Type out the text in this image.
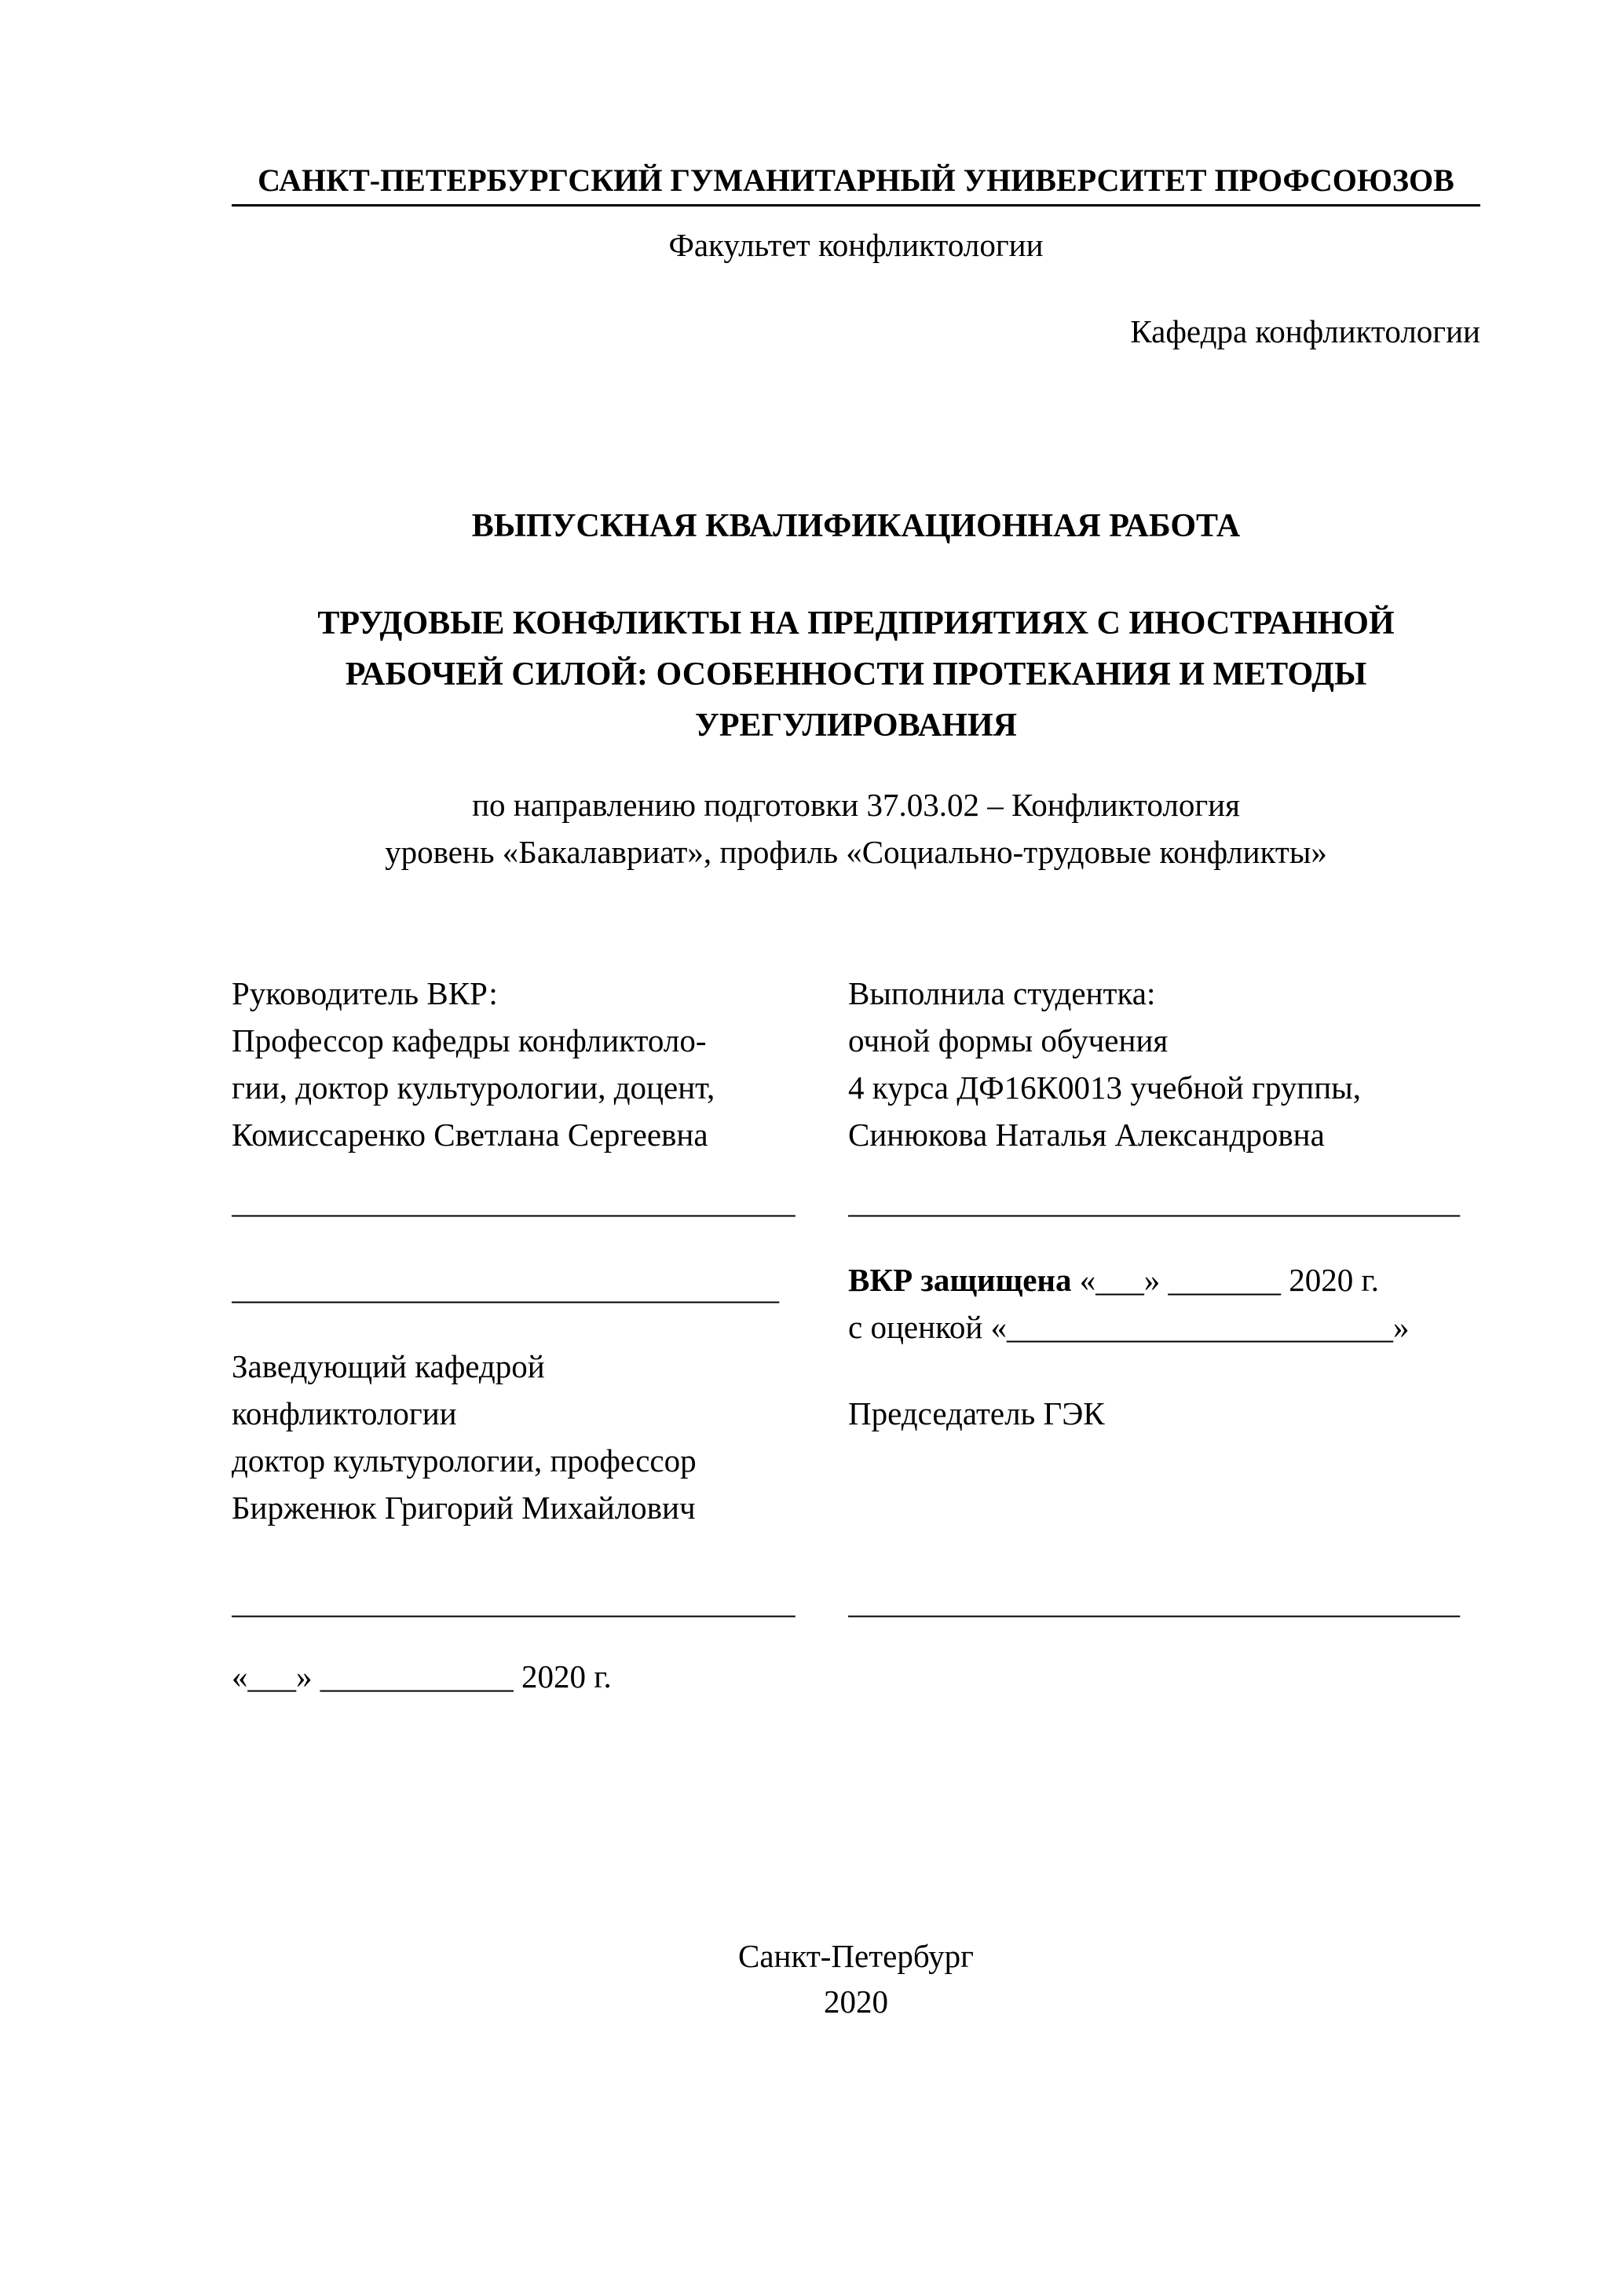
САНКТ-ПЕТЕРБУРГСКИЙ ГУМАНИТАРНЫЙ УНИВЕРСИТЕТ ПРОФСОЮЗОВ
Факультет конфликтологии
Кафедра конфликтологии
ВЫПУСКНАЯ КВАЛИФИКАЦИОННАЯ РАБОТА
ТРУДОВЫЕ КОНФЛИКТЫ НА ПРЕДПРИЯТИЯХ С ИНОСТРАННОЙ
РАБОЧЕЙ СИЛОЙ: ОСОБЕННОСТИ ПРОТЕКАНИЯ И МЕТОДЫ
УРЕГУЛИРОВАНИЯ
по направлению подготовки 37.03.02 – Конфликтология
уровень «Бакалавриат», профиль «Социально-трудовые конфликты»
Руководитель ВКР:
Профессор кафедры конфликтоло-
гии, доктор культурологии, доцент,
Комиссаренко Светлана Сергеевна
___________________________________
__________________________________
Заведующий кафедрой
конфликтологии
доктор культурологии, профессор
Бирженюк Григорий Михайлович
___________________________________
«___» ____________ 2020 г.
Выполнила студентка:
очной формы обучения
4 курса ДФ16К0013 учебной группы,
Синюкова Наталья Александровна
______________________________________
ВКР защищена «___» _______ 2020 г.
с оценкой «________________________»
Председатель ГЭК
______________________________________
Санкт-Петербург
2020
